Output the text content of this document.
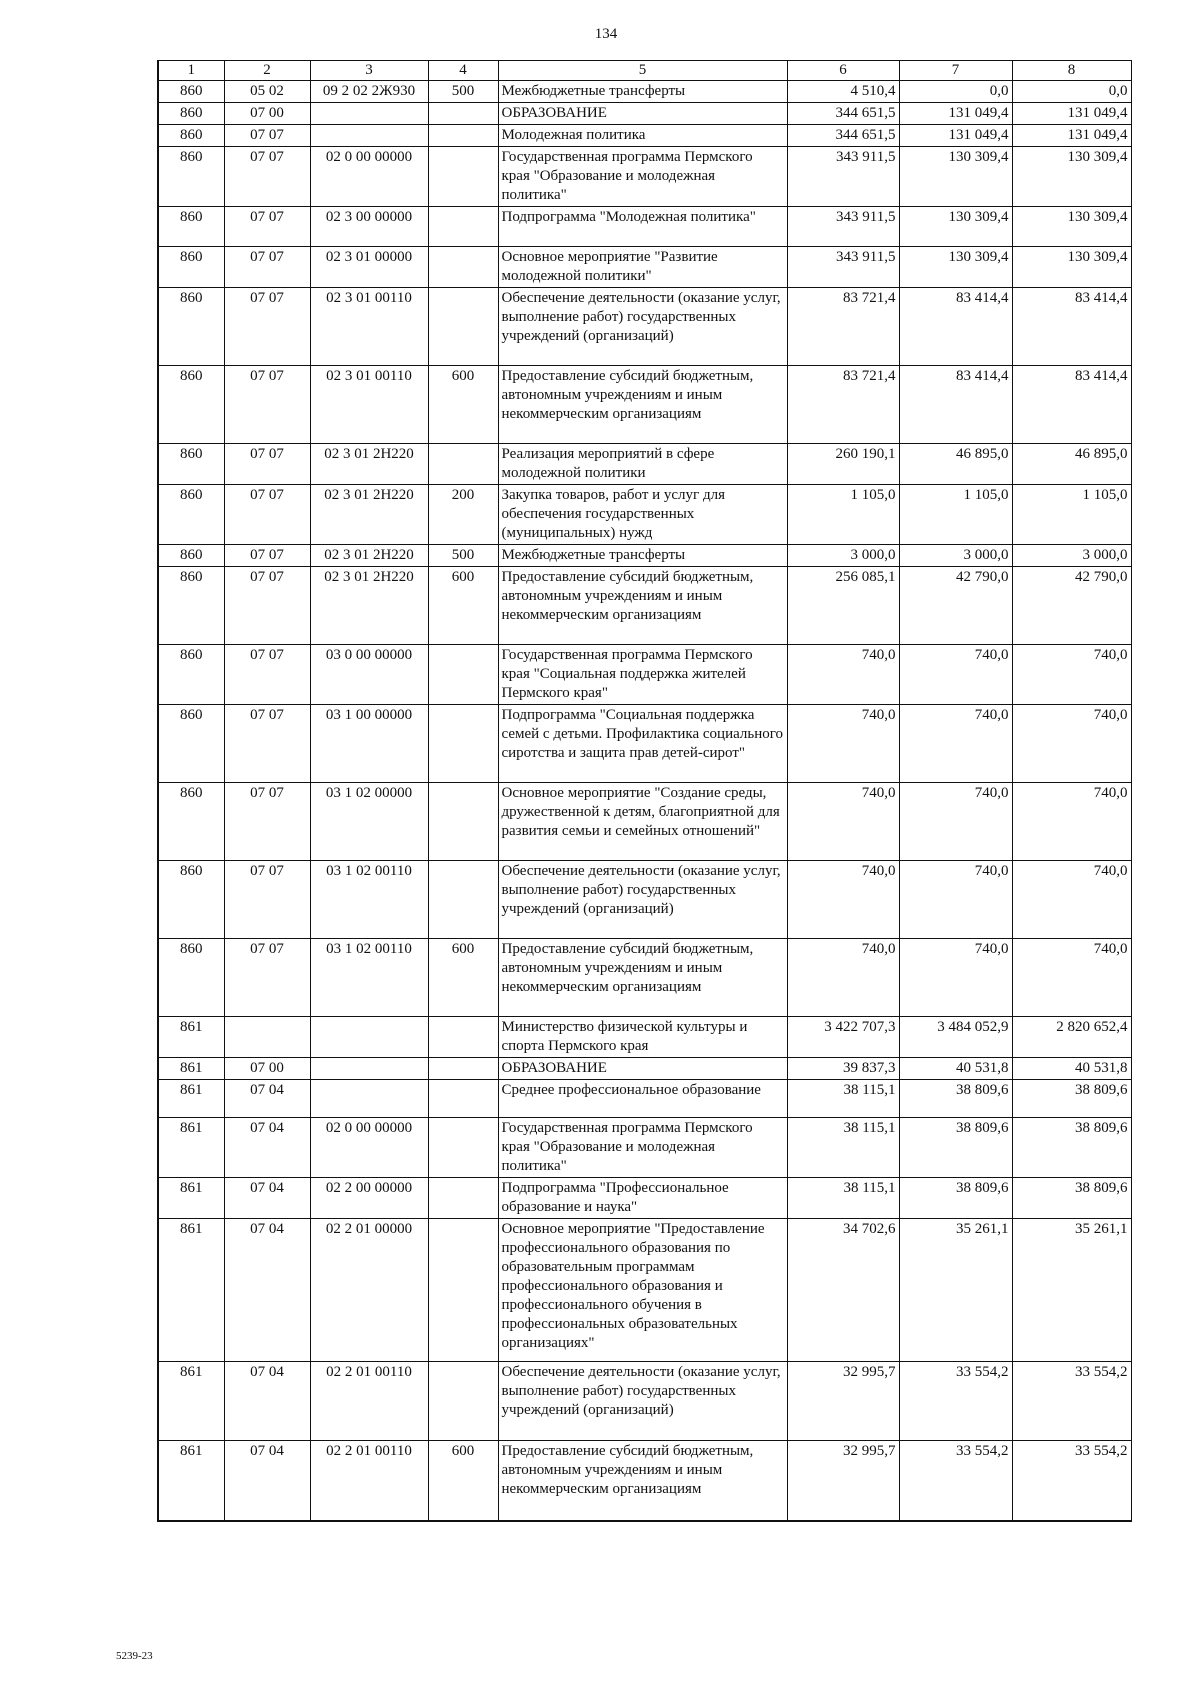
134
1	2	3	4	5	6	7	8
860	05 02	09 2 02 2Ж930	500	Межбюджетные трансферты	4 510,4	0,0	0,0
860	07 00			ОБРАЗОВАНИЕ	344 651,5	131 049,4	131 049,4
860	07 07			Молодежная политика	344 651,5	131 049,4	131 049,4
860	07 07	02 0 00 00000		Государственная программа Пермского края "Образование и молодежная политика"	343 911,5	130 309,4	130 309,4
860	07 07	02 3 00 00000		Подпрограмма "Молодежная политика"	343 911,5	130 309,4	130 309,4
860	07 07	02 3 01 00000		Основное мероприятие "Развитие молодежной политики"	343 911,5	130 309,4	130 309,4
860	07 07	02 3 01 00110		Обеспечение деятельности (оказание услуг, выполнение работ) государственных учреждений (организаций)	83 721,4	83 414,4	83 414,4
860	07 07	02 3 01 00110	600	Предоставление субсидий бюджетным, автономным учреждениям и иным некоммерческим организациям	83 721,4	83 414,4	83 414,4
860	07 07	02 3 01 2Н220		Реализация мероприятий в сфере молодежной политики	260 190,1	46 895,0	46 895,0
860	07 07	02 3 01 2Н220	200	Закупка товаров, работ и услуг для обеспечения государственных (муниципальных) нужд	1 105,0	1 105,0	1 105,0
860	07 07	02 3 01 2Н220	500	Межбюджетные трансферты	3 000,0	3 000,0	3 000,0
860	07 07	02 3 01 2Н220	600	Предоставление субсидий бюджетным, автономным учреждениям и иным некоммерческим организациям	256 085,1	42 790,0	42 790,0
860	07 07	03 0 00 00000		Государственная программа Пермского края "Социальная поддержка жителей Пермского края"	740,0	740,0	740,0
860	07 07	03 1 00 00000		Подпрограмма "Социальная поддержка семей с детьми. Профилактика социального сиротства и защита прав детей-сирот"	740,0	740,0	740,0
860	07 07	03 1 02 00000		Основное мероприятие "Создание среды, дружественной к детям, благоприятной для развития семьи и семейных отношений"	740,0	740,0	740,0
860	07 07	03 1 02 00110		Обеспечение деятельности (оказание услуг, выполнение работ) государственных учреждений (организаций)	740,0	740,0	740,0
860	07 07	03 1 02 00110	600	Предоставление субсидий бюджетным, автономным учреждениям и иным некоммерческим организациям	740,0	740,0	740,0
861				Министерство физической культуры и спорта Пермского края	3 422 707,3	3 484 052,9	2 820 652,4
861	07 00			ОБРАЗОВАНИЕ	39 837,3	40 531,8	40 531,8
861	07 04			Среднее профессиональное образование	38 115,1	38 809,6	38 809,6
861	07 04	02 0 00 00000		Государственная программа Пермского края "Образование и молодежная политика"	38 115,1	38 809,6	38 809,6
861	07 04	02 2 00 00000		Подпрограмма "Профессиональное образование и наука"	38 115,1	38 809,6	38 809,6
861	07 04	02 2 01 00000		Основное мероприятие "Предоставление профессионального образования по образовательным программам профессионального образования и профессионального обучения в профессиональных образовательных организациях"	34 702,6	35 261,1	35 261,1
861	07 04	02 2 01 00110		Обеспечение деятельности (оказание услуг, выполнение работ) государственных учреждений (организаций)	32 995,7	33 554,2	33 554,2
861	07 04	02 2 01 00110	600	Предоставление субсидий бюджетным, автономным учреждениям и иным некоммерческим организациям	32 995,7	33 554,2	33 554,2
5239-23
